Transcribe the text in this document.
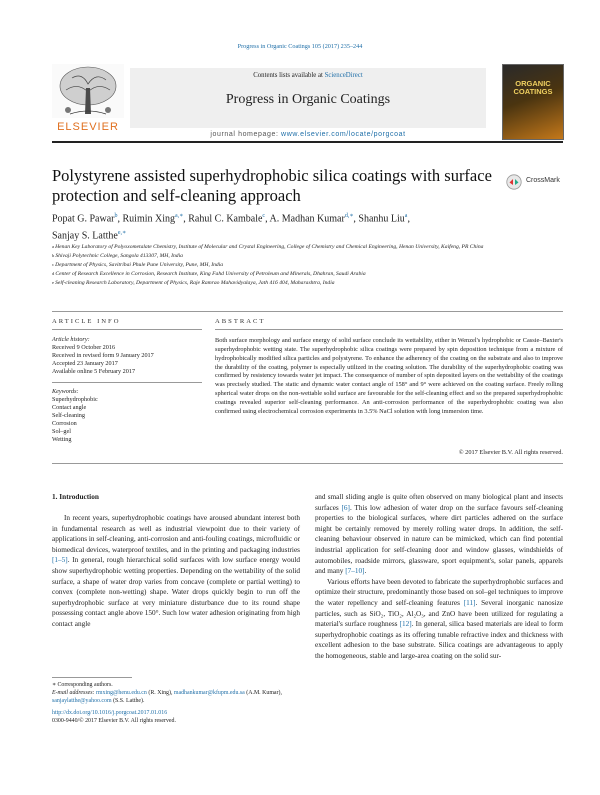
Progress in Organic Coatings 105 (2017) 235–244
Contents lists available at ScienceDirect
Progress in Organic Coatings
journal homepage: www.elsevier.com/locate/porgcoat
ELSEVIER
ORGANIC COATINGS
Polystyrene assisted superhydrophobic silica coatings with surface protection and self-cleaning approach
CrossMark
Popat G. Pawar$^b$, Ruimin Xing$^{a,∗}$, Rahul C. Kambale$^c$, A. Madhan Kumar$^{d,∗}$, Shanhu Liu$^a$,
Sanjay S. Latthe$^{e,∗}$
$^a$ Henan Key Laboratory of Polyoxometalate Chemistry, Institute of Molecular and Crystal Engineering, College of Chemistry and Chemical Engineering, Henan University, Kaifeng, PR China
$^b$ Shivaji Polytechnic College, Sangola 413307, MH, India
$^c$ Department of Physics, Savitribai Phule Pune University, Pune, MH, India
$^d$ Center of Research Excellence in Corrosion, Research Institute, King Fahd University of Petroleum and Minerals, Dhahran, Saudi Arabia
$^e$ Self-cleaning Research Laboratory, Department of Physics, Raje Ramrao Mahavidyalaya, Jath 416 404, Maharashtra, India
ARTICLE INFO
Article history:
Received 9 October 2016
Received in revised form 9 January 2017
Accepted 23 January 2017
Available online 5 February 2017
Keywords:
Superhydrophobic
Contact angle
Self-cleaning
Corrosion
Sol–gel
Wetting
ABSTRACT
Both surface morphology and surface energy of solid surface conclude its wettability, either in Wenzel's hydrophobic or Cassie–Baxter's superhydrophobic wetting state. The superhydrophobic silica coatings were prepared by spin deposition technique from a mixture of hydrophobically modified silica particles and polystyrene. To enhance the adherency of the coating on the substrate and also to improve the durability of the coating, polymer is especially utilized in the coating solution. The durability of the superhydrophobic coating was confirmed by resistency towards water jet impact. The consequence of number of spin deposited layers on the wettability of the coatings was precisely studied. The static and dynamic water contact angle of 158° and 9° were achieved on the coating surface. Freely rolling spherical water drops on the non-wettable solid surface are favourable for the self-cleaning effect and so the prepared superhydrophobic coatings revealed superior self-cleaning performance. An anti-corrosion performance of the superhydrophobic coating was also confirmed using electrochemical corrosion experiments in 3.5% NaCl solution with long immersion time.
© 2017 Elsevier B.V. All rights reserved.
1. Introduction

In recent years, superhydrophobic coatings have aroused abundant interest both in fundamental research as well as industrial viewpoint due to their variety of applications in self-cleaning, anti-corrosion and anti-fouling coatings, microfluidic or biomedical devices, waterproof textiles, and in the printing and packaging industries [1–5]. In general, rough hierarchical solid surfaces with low surface energy would show superhydrophobic wetting properties. Depending on the wettability of the solid surface, a shape of water drop varies from concave (complete or partial wetting) to convex (complete non-wetting) shape. Water drops quickly begin to run off the superhydrophobic surface at very miniature disturbance due to its round shape possessing contact angle above 150°. Such low water adhesion originating from high contact angle

and small sliding angle is quite often observed on many biological plant and insects surfaces [6]. This low adhesion of water drop on the surface favours self-cleaning properties to the biological surfaces, where dirt particles adhered on the surface might be certainly removed by merely rolling water drops. In addition, the self-cleaning behaviour observed in nature can be mimicked, which can find potential industrial application for self-cleaning door and window glasses, windshields of automobiles, roadside mirrors, glassware, sport equipment's, solar panels, apparels and many [7–10].

Various efforts have been devoted to fabricate the superhydrophobic surfaces and optimize their structure, predominantly those based on sol–gel techniques to improve the water repellency and self-cleaning features [11]. Several inorganic nanosize particles, such as SiO₂, TiO₂, Al₂O₃, and ZnO have been utilized for regulating a material's surface roughness [12]. In general, silica based materials are ideal to form superhydrophobic coatings as its offering tunable refractive index and thickness with excellent adhesion to the base substrate. Silica coatings are advantageous to apply the homogeneous, stable and large-area coating on the solid sur-

∗ Corresponding authors.
E-mail addresses: rmxing@henu.edu.cn (R. Xing), madhankumar@kfupm.edu.sa (A.M. Kumar), sanjaylatthe@yahoo.com (S.S. Latthe).
http://dx.doi.org/10.1016/j.porgcoat.2017.01.016
0300-9440/© 2017 Elsevier B.V. All rights reserved.
